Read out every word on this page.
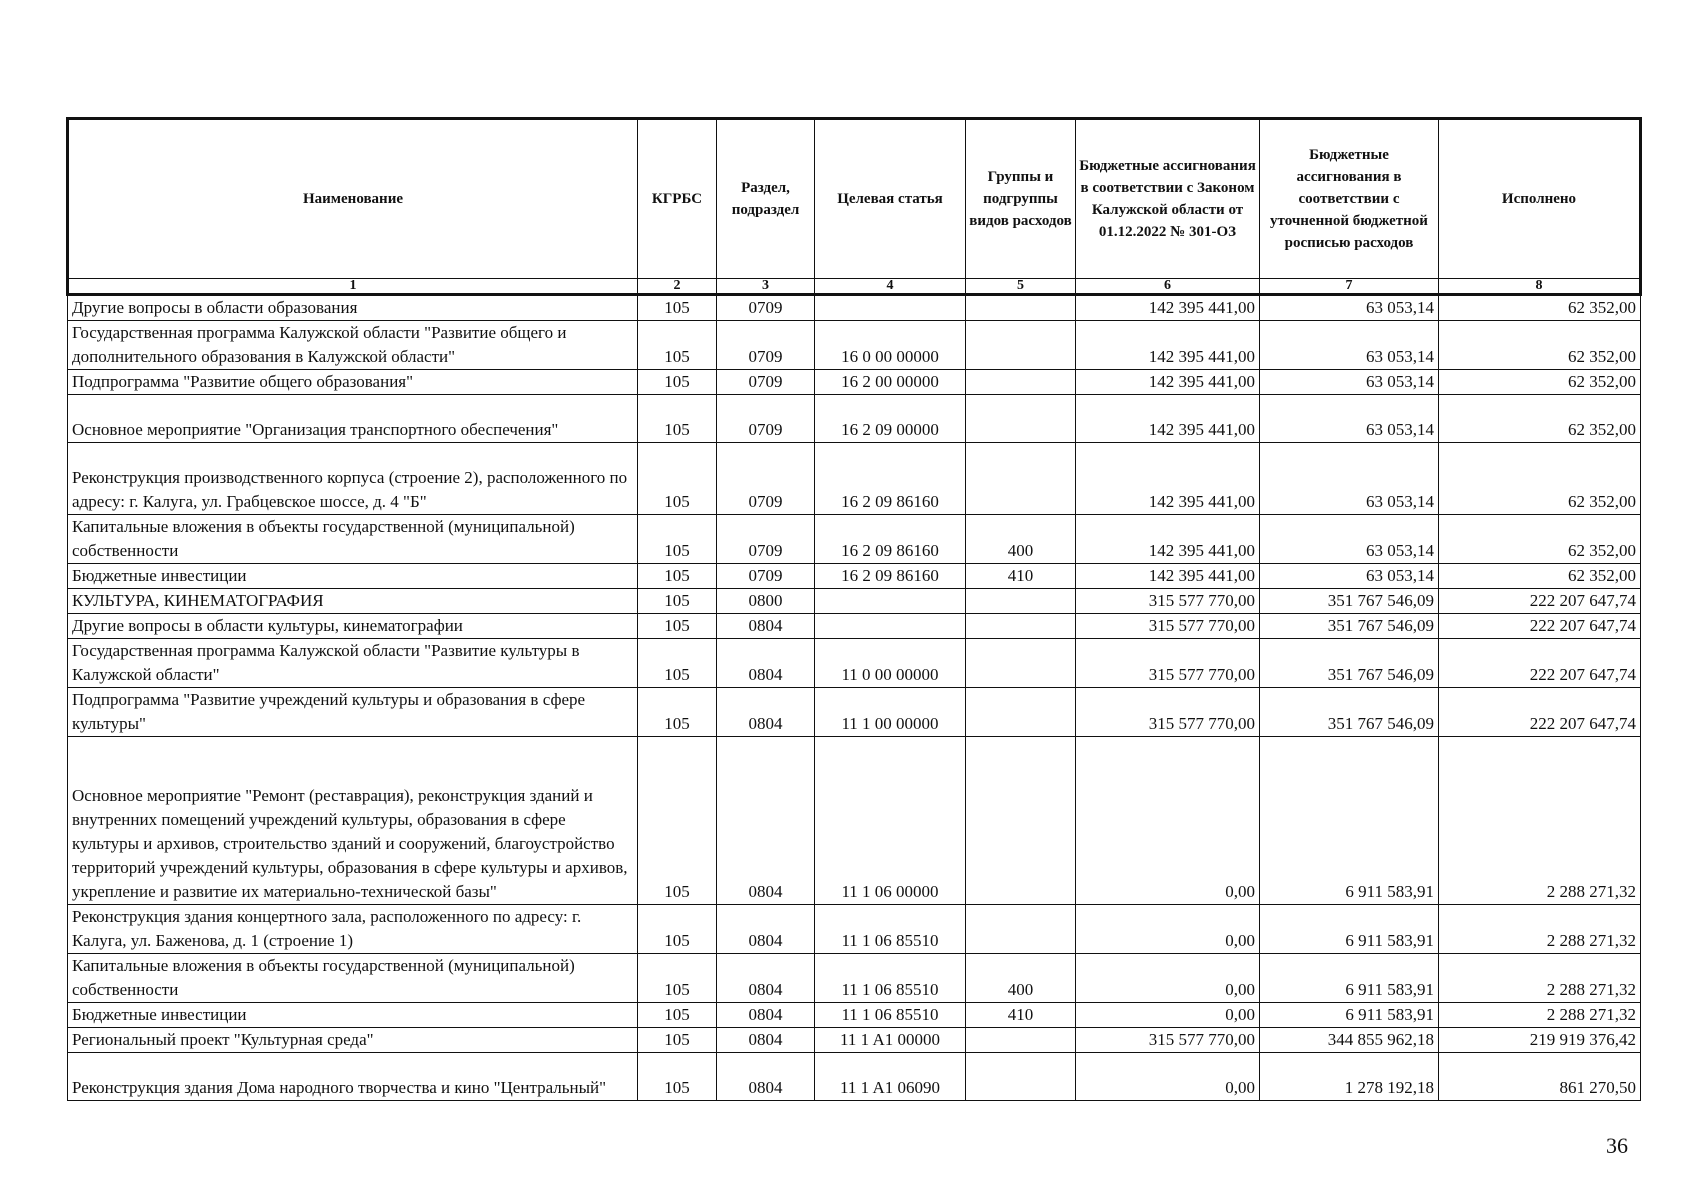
Наименование	КГРБС	Раздел, подраздел	Целевая статья	Группы и подгруппы видов расходов	Бюджетные ассигнования в соответствии с Законом Калужской области от 01.12.2022 № 301-ОЗ	Бюджетные ассигнования в соответствии с уточненной бюджетной росписью расходов	Исполнено
1	2	3	4	5	6	7	8
Другие вопросы в области образования	105	0709			142 395 441,00	63 053,14	62 352,00
Государственная программа Калужской области "Развитие общего и дополнительного образования в Калужской области"	105	0709	16 0 00 00000		142 395 441,00	63 053,14	62 352,00
Подпрограмма "Развитие общего образования"	105	0709	16 2 00 00000		142 395 441,00	63 053,14	62 352,00
Основное мероприятие "Организация транспортного обеспечения"	105	0709	16 2 09 00000		142 395 441,00	63 053,14	62 352,00
Реконструкция производственного корпуса (строение 2), расположенного по адресу: г. Калуга, ул. Грабцевское шоссе, д. 4 "Б"	105	0709	16 2 09 86160		142 395 441,00	63 053,14	62 352,00
Капитальные вложения в объекты государственной (муниципальной) собственности	105	0709	16 2 09 86160	400	142 395 441,00	63 053,14	62 352,00
Бюджетные инвестиции	105	0709	16 2 09 86160	410	142 395 441,00	63 053,14	62 352,00
КУЛЬТУРА, КИНЕМАТОГРАФИЯ	105	0800			315 577 770,00	351 767 546,09	222 207 647,74
Другие вопросы в области культуры, кинематографии	105	0804			315 577 770,00	351 767 546,09	222 207 647,74
Государственная программа Калужской области "Развитие культуры в Калужской области"	105	0804	11 0 00 00000		315 577 770,00	351 767 546,09	222 207 647,74
Подпрограмма "Развитие учреждений культуры и образования в сфере культуры"	105	0804	11 1 00 00000		315 577 770,00	351 767 546,09	222 207 647,74
Основное мероприятие "Ремонт (реставрация), реконструкция зданий и внутренних помещений учреждений культуры, образования в сфере культуры и архивов, строительство зданий и сооружений, благоустройство территорий учреждений культуры, образования в сфере культуры и архивов, укрепление и развитие их материально-технической базы"	105	0804	11 1 06 00000		0,00	6 911 583,91	2 288 271,32
Реконструкция здания концертного зала, расположенного по адресу: г. Калуга, ул. Баженова, д. 1 (строение 1)	105	0804	11 1 06 85510		0,00	6 911 583,91	2 288 271,32
Капитальные вложения в объекты государственной (муниципальной) собственности	105	0804	11 1 06 85510	400	0,00	6 911 583,91	2 288 271,32
Бюджетные инвестиции	105	0804	11 1 06 85510	410	0,00	6 911 583,91	2 288 271,32
Региональный проект "Культурная среда"	105	0804	11 1 A1 00000		315 577 770,00	344 855 962,18	219 919 376,42
Реконструкция здания Дома народного творчества и кино "Центральный"	105	0804	11 1 A1 06090		0,00	1 278 192,18	861 270,50
36
